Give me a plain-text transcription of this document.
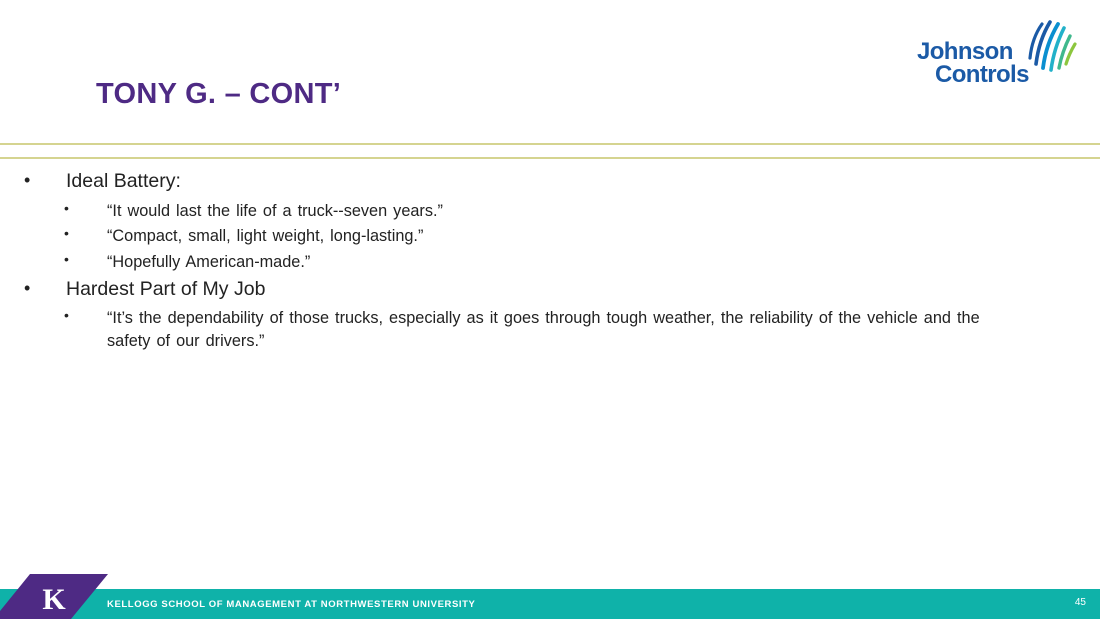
TONY G. – CONT’
Johnson
Controls
• Ideal Battery:
• “It would last the life of a truck--seven years.”
• “Compact, small, light weight, long-lasting.”
• “Hopefully American-made.”
• Hardest Part of My Job
• “It’s the dependability of those trucks, especially as it goes through tough weather, the reliability of the vehicle and the safety of our drivers.”
KELLOGG SCHOOL OF MANAGEMENT AT NORTHWESTERN UNIVERSITY	45
K
